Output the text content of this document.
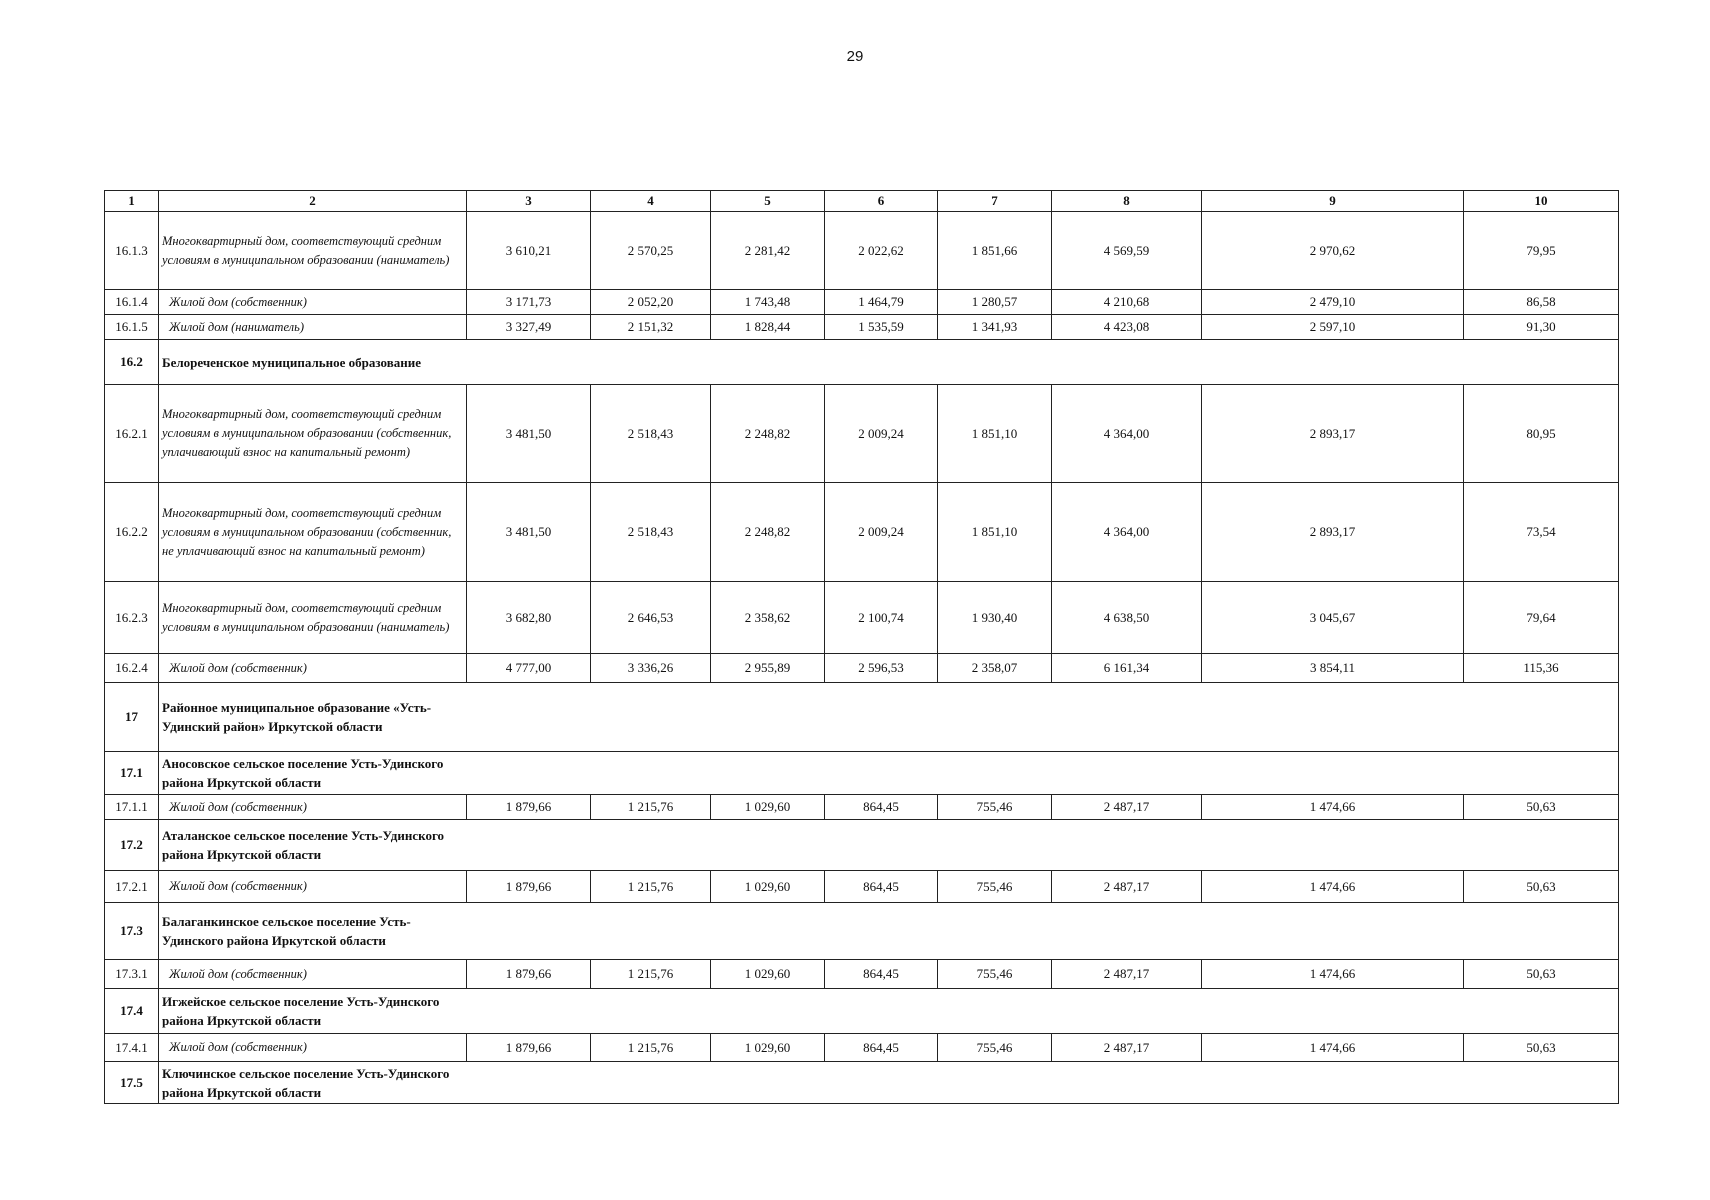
29
1	2	3	4	5	6	7	8	9	10
16.1.3	Многоквартирный дом, соответствующий средним условиям в муниципальном образовании (наниматель)	3 610,21	2 570,25	2 281,42	2 022,62	1 851,66	4 569,59	2 970,62	79,95
16.1.4	Жилой дом (собственник)	3 171,73	2 052,20	1 743,48	1 464,79	1 280,57	4 210,68	2 479,10	86,58
16.1.5	Жилой дом (наниматель)	3 327,49	2 151,32	1 828,44	1 535,59	1 341,93	4 423,08	2 597,10	91,30
16.2	Белореченское муниципальное образование								

16.2.1	Многоквартирный дом, соответствующий средним условиям в муниципальном образовании (собственник, уплачивающий взнос на капитальный ремонт)	3 481,50	2 518,43	2 248,82	2 009,24	1 851,10	4 364,00	2 893,17	80,95
16.2.2	Многоквартирный дом, соответствующий средним условиям в муниципальном образовании (собственник, не уплачивающий взнос на капитальный ремонт)	3 481,50	2 518,43	2 248,82	2 009,24	1 851,10	4 364,00	2 893,17	73,54
16.2.3	Многоквартирный дом, соответствующий средним условиям в муниципальном образовании (наниматель)	3 682,80	2 646,53	2 358,62	2 100,74	1 930,40	4 638,50	3 045,67	79,64
16.2.4	Жилой дом (собственник)	4 777,00	3 336,26	2 955,89	2 596,53	2 358,07	6 161,34	3 854,11	115,36
17	Районное муниципальное образование «Усть-Удинский район» Иркутской области								

17.1	Аносовское сельское поселение Усть-Удинского района Иркутской области								

17.1.1	Жилой дом (собственник)	1 879,66	1 215,76	1 029,60	864,45	755,46	2 487,17	1 474,66	50,63
17.2	Аталанское сельское поселение Усть-Удинского района Иркутской области								

17.2.1	Жилой дом (собственник)	1 879,66	1 215,76	1 029,60	864,45	755,46	2 487,17	1 474,66	50,63
17.3	Балаганкинское сельское поселение Усть-Удинского района Иркутской области								

17.3.1	Жилой дом (собственник)	1 879,66	1 215,76	1 029,60	864,45	755,46	2 487,17	1 474,66	50,63
17.4	Игжейское сельское поселение Усть-Удинского района Иркутской области								

17.4.1	Жилой дом (собственник)	1 879,66	1 215,76	1 029,60	864,45	755,46	2 487,17	1 474,66	50,63
17.5	Ключинское сельское поселение Усть-Удинского района Иркутской области								
